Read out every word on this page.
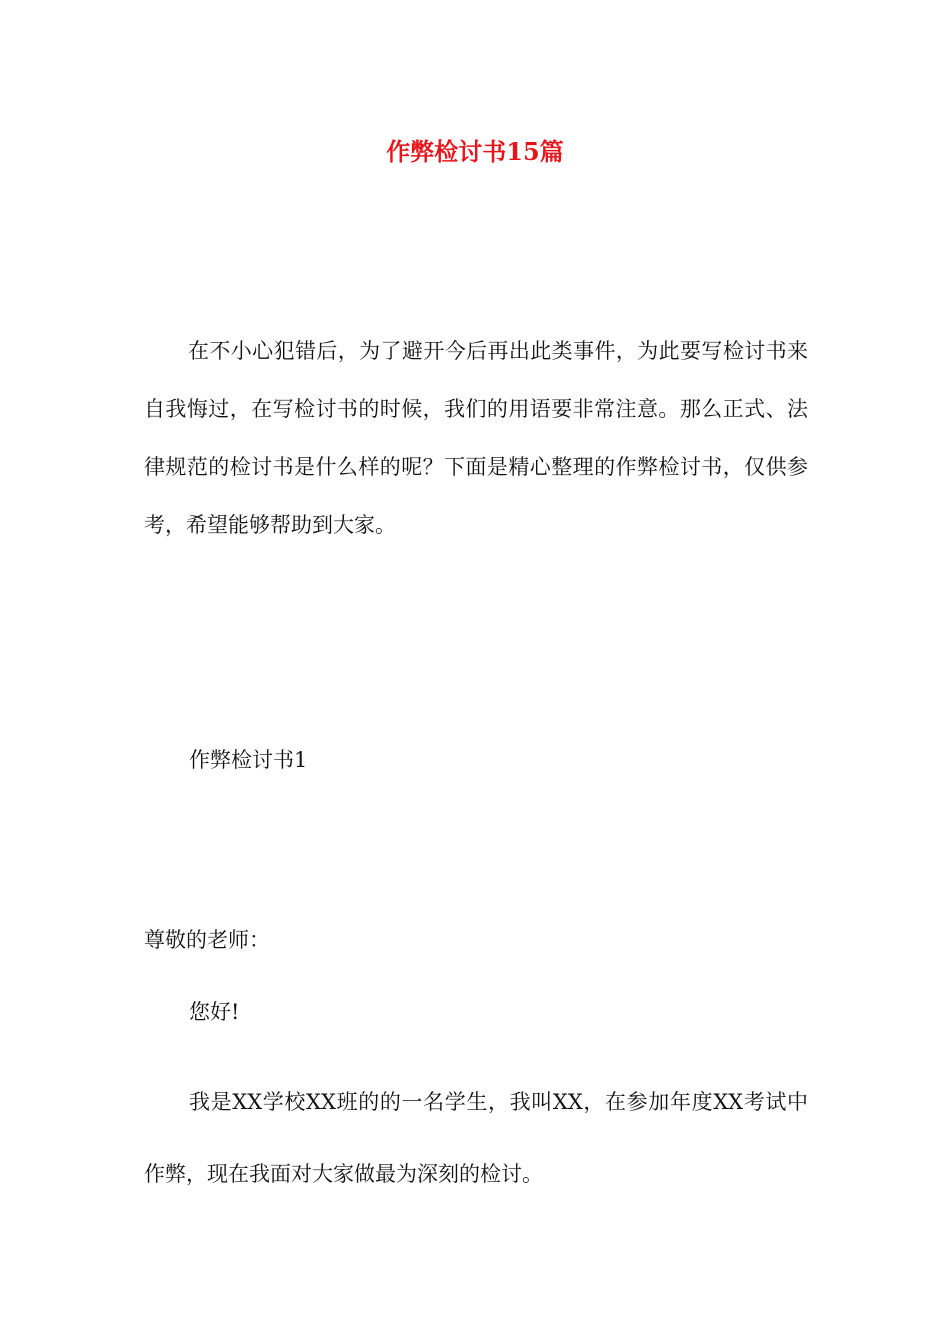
作弊检讨书15篇

在不小心犯错后，为了避开今后再出此类事件，为此要写检讨书来自我悔过，在写检讨书的时候，我们的用语要非常注意。那么正式、法律规范的检讨书是什么样的呢？下面是精心整理的作弊检讨书，仅供参考，希望能够帮助到大家。

作弊检讨书1

尊敬的老师：

您好!

我是XX学校XX班的的一名学生，我叫XX，在参加年度XX考试中作弊，现在我面对大家做最为深刻的检讨。
